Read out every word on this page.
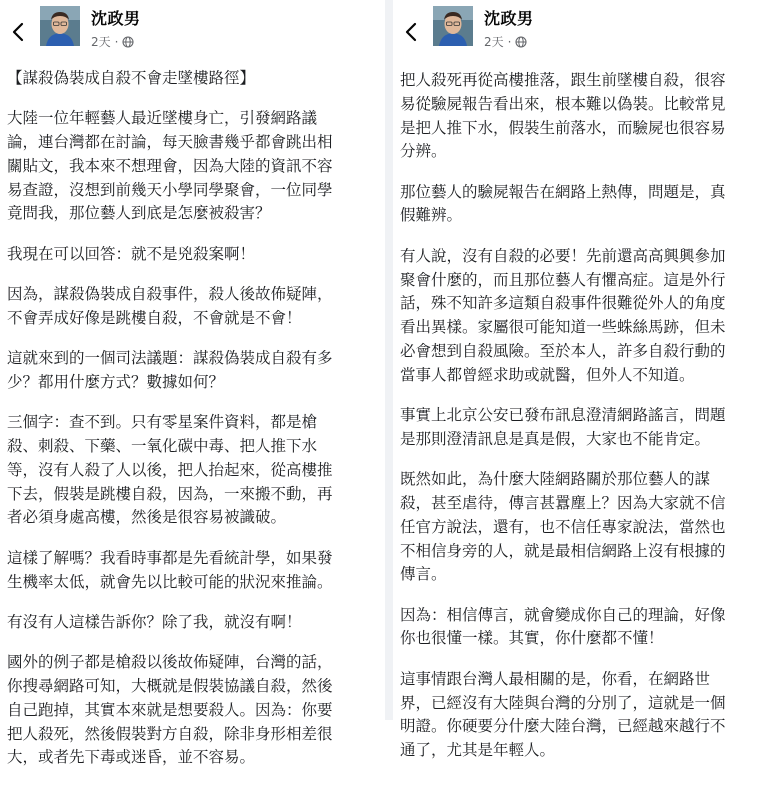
沈政男
2天 ·
【謀殺偽裝成自殺不會走墜樓路徑】
大陸一位年輕藝人最近墜樓身亡，引發網路議
論，連台灣都在討論，每天臉書幾乎都會跳出相
關貼文，我本來不想理會，因為大陸的資訊不容
易查證，沒想到前幾天小學同學聚會，一位同學
竟問我，那位藝人到底是怎麼被殺害？
我現在可以回答：就不是兇殺案啊！
因為，謀殺偽裝成自殺事件，殺人後故佈疑陣，
不會弄成好像是跳樓自殺，不會就是不會！
這就來到的一個司法議題：謀殺偽裝成自殺有多
少？都用什麼方式？數據如何？
三個字：查不到。只有零星案件資料，都是槍
殺、刺殺、下藥、一氧化碳中毒、把人推下水
等，沒有人殺了人以後，把人抬起來，從高樓推
下去，假裝是跳樓自殺，因為，一來搬不動，再
者必須身處高樓，然後是很容易被識破。
這樣了解嗎？我看時事都是先看統計學，如果發
生機率太低，就會先以比較可能的狀況來推論。
有沒有人這樣告訴你？除了我，就沒有啊！
國外的例子都是槍殺以後故佈疑陣，台灣的話，
你搜尋網路可知，大概就是假裝協議自殺，然後
自己跑掉，其實本來就是想要殺人。因為：你要
把人殺死，然後假裝對方自殺，除非身形相差很
大，或者先下毒或迷昏，並不容易。
沈政男
2天 ·
把人殺死再從高樓推落，跟生前墜樓自殺，很容
易從驗屍報告看出來，根本難以偽裝。比較常見
是把人推下水，假裝生前落水，而驗屍也很容易
分辨。
那位藝人的驗屍報告在網路上熱傳，問題是，真
假難辨。
有人說，沒有自殺的必要！先前還高高興興參加
聚會什麼的，而且那位藝人有懼高症。這是外行
話，殊不知許多這類自殺事件很難從外人的角度
看出異樣。家屬很可能知道一些蛛絲馬跡，但未
必會想到自殺風險。至於本人，許多自殺行動的
當事人都曾經求助或就醫，但外人不知道。
事實上北京公安已發布訊息澄清網路謠言，問題
是那則澄清訊息是真是假，大家也不能肯定。
既然如此，為什麼大陸網路關於那位藝人的謀
殺，甚至虐待，傳言甚囂塵上？因為大家就不信
任官方說法，還有，也不信任專家說法，當然也
不相信身旁的人，就是最相信網路上沒有根據的
傳言。
因為：相信傳言，就會變成你自己的理論，好像
你也很懂一樣。其實，你什麼都不懂！
這事情跟台灣人最相關的是，你看，在網路世
界，已經沒有大陸與台灣的分別了，這就是一個
明證。你硬要分什麼大陸台灣，已經越來越行不
通了，尤其是年輕人。
